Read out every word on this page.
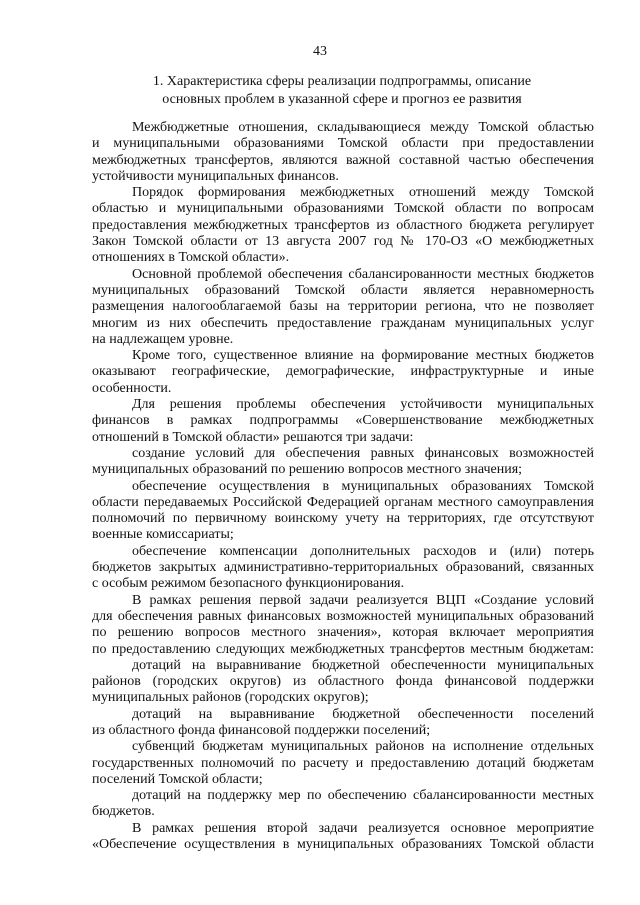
43
1. Характеристика сферы реализации подпрограммы, описание
основных проблем в указанной сфере и прогноз ее развития
Межбюджетные отношения, складывающиеся между Томской областью
и муниципальными образованиями Томской области при предоставлении
межбюджетных трансфертов, являются важной составной частью обеспечения
устойчивости муниципальных финансов.
Порядок формирования межбюджетных отношений между Томской
областью и муниципальными образованиями Томской области по вопросам
предоставления межбюджетных трансфертов из областного бюджета регулирует
Закон Томской области от 13 августа 2007 год № 170-ОЗ «О межбюджетных
отношениях в Томской области».
Основной проблемой обеспечения сбалансированности местных бюджетов
муниципальных образований Томской области является неравномерность
размещения налогооблагаемой базы на территории региона, что не позволяет
многим из них обеспечить предоставление гражданам муниципальных услуг
на надлежащем уровне.
Кроме того, существенное влияние на формирование местных бюджетов
оказывают географические, демографические, инфраструктурные и иные
особенности.
Для решения проблемы обеспечения устойчивости муниципальных
финансов в рамках подпрограммы «Совершенствование межбюджетных
отношений в Томской области» решаются три задачи:
создание условий для обеспечения равных финансовых возможностей
муниципальных образований по решению вопросов местного значения;
обеспечение осуществления в муниципальных образованиях Томской
области передаваемых Российской Федерацией органам местного самоуправления
полномочий по первичному воинскому учету на территориях, где отсутствуют
военные комиссариаты;
обеспечение компенсации дополнительных расходов и (или) потерь
бюджетов закрытых административно-территориальных образований, связанных
с особым режимом безопасного функционирования.
В рамках решения первой задачи реализуется ВЦП «Создание условий
для обеспечения равных финансовых возможностей муниципальных образований
по решению вопросов местного значения», которая включает мероприятия
по предоставлению следующих межбюджетных трансфертов местным бюджетам:
дотаций на выравнивание бюджетной обеспеченности муниципальных
районов (городских округов) из областного фонда финансовой поддержки
муниципальных районов (городских округов);
дотаций на выравнивание бюджетной обеспеченности поселений
из областного фонда финансовой поддержки поселений;
субвенций бюджетам муниципальных районов на исполнение отдельных
государственных полномочий по расчету и предоставлению дотаций бюджетам
поселений Томской области;
дотаций на поддержку мер по обеспечению сбалансированности местных
бюджетов.
В рамках решения второй задачи реализуется основное мероприятие
«Обеспечение осуществления в муниципальных образованиях Томской области
